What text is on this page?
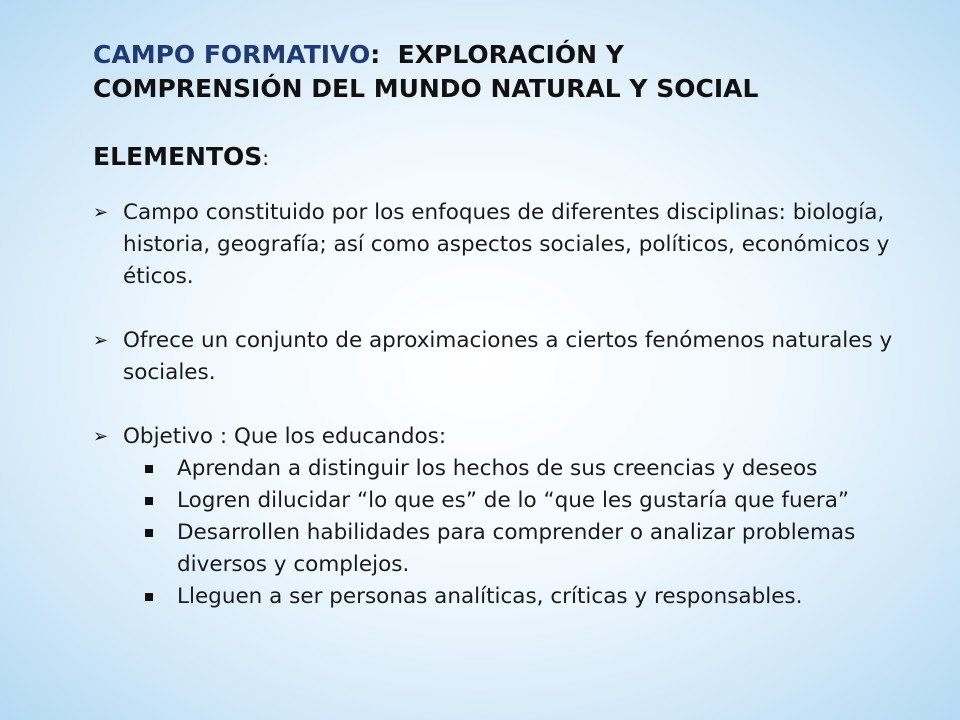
CAMPO FORMATIVO:  EXPLORACIÓN Y
COMPRENSIÓN DEL MUNDO NATURAL Y SOCIAL
ELEMENTOS:
➢ Campo constituido por los enfoques de diferentes disciplinas: biología, historia, geografía; así como aspectos sociales, políticos, económicos y éticos.
➢ Ofrece un conjunto de aproximaciones a ciertos fenómenos naturales y sociales.
➢ Objetivo : Que los educandos:
Aprendan a distinguir los hechos de sus creencias y deseos
Logren dilucidar “lo que es” de lo “que les gustaría que fuera”
Desarrollen habilidades para comprender o analizar problemas diversos y complejos.
Lleguen a ser personas analíticas, críticas y responsables.
